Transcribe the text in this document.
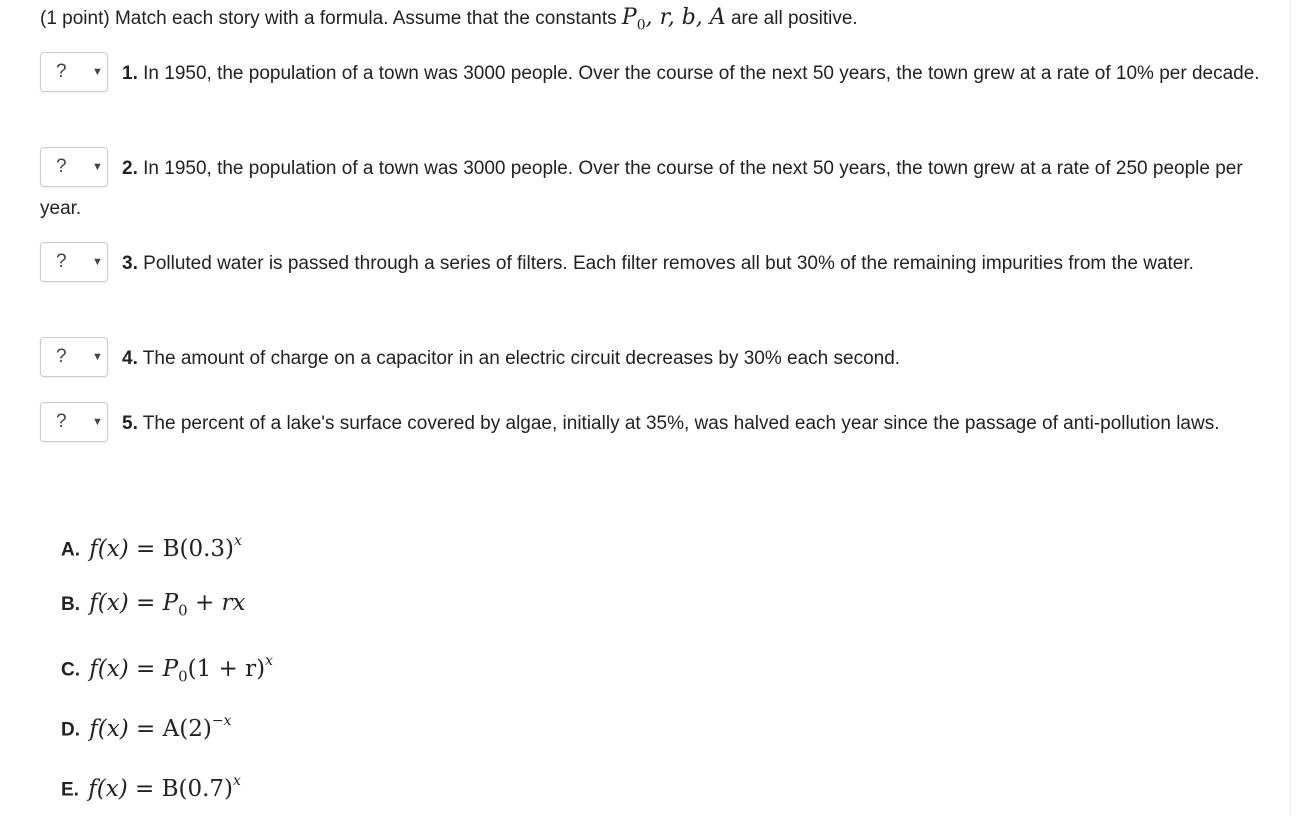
(1 point) Match each story with a formula. Assume that the constants $P_0$, r, b, A are all positive.
? ▼ 1. In 1950, the population of a town was 3000 people. Over the course of the next 50 years, the town grew at a rate of 10% per decade.
? ▼ 2. In 1950, the population of a town was 3000 people. Over the course of the next 50 years, the town grew at a rate of 250 people per year.
? ▼ 3. Polluted water is passed through a series of filters. Each filter removes all but 30% of the remaining impurities from the water.
? ▼ 4. The amount of charge on a capacitor in an electric circuit decreases by 30% each second.
? ▼ 5. The percent of a lake's surface covered by algae, initially at 35%, was halved each year since the passage of anti-pollution laws.
A. $f(x) = B(0.3)^x$
B. $f(x) = P_0$ + rx
C. $f(x) = P_0(1 + r)^x$
D. $f(x) = A(2)^{-x}$
E. $f(x) = B(0.7)^x$
